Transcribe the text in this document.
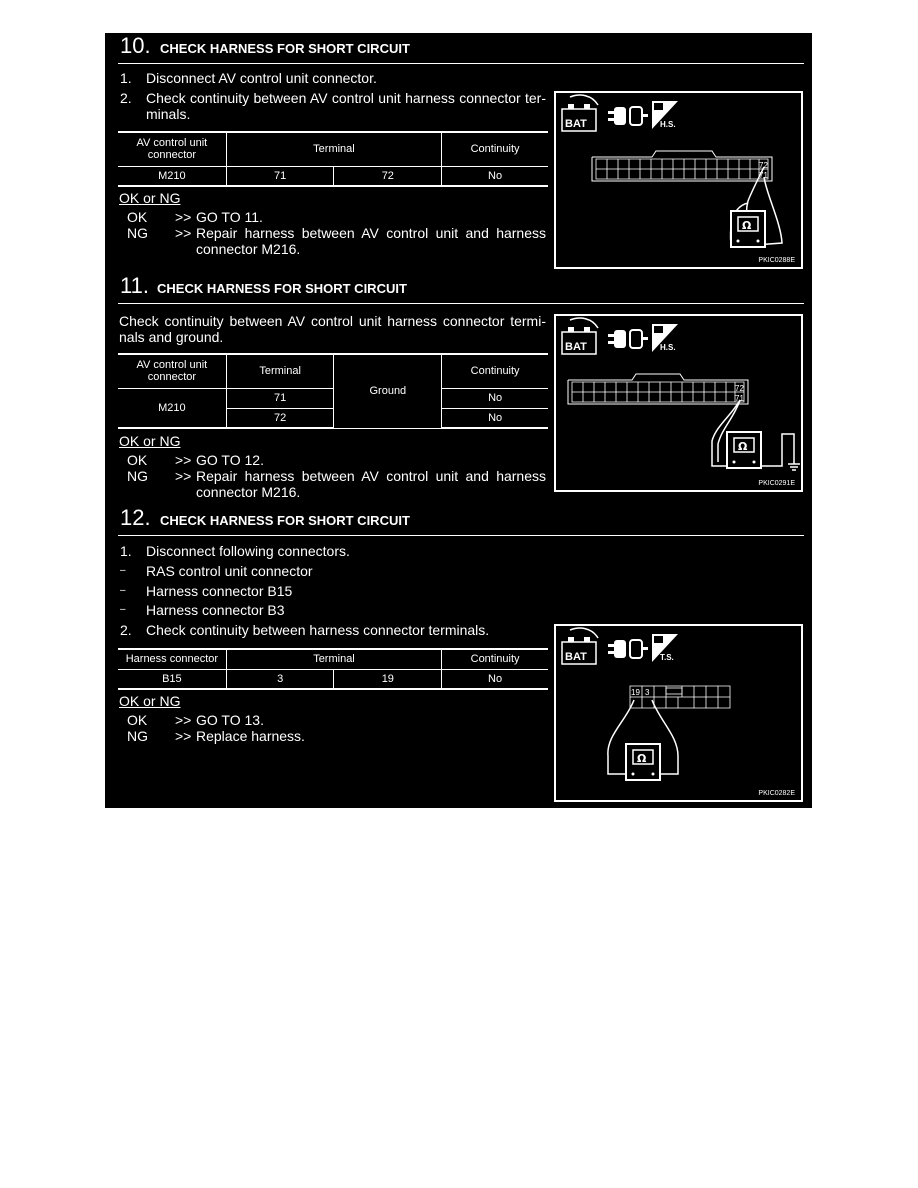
10. CHECK HARNESS FOR SHORT CIRCUIT
1. Disconnect AV control unit connector.
2. Check continuity between AV control unit harness connector ter-
minals.
AV control unit connector	Terminal		Continuity
M210	71	72	No
OK or NG
OK >> GO TO 11.
NG >> Repair harness between AV control unit and harness
connector M216.
BAT	H.S.
72
71
Ω
PKIC0288E
11. CHECK HARNESS FOR SHORT CIRCUIT
Check continuity between AV control unit harness connector termi-
nals and ground.
AV control unit connector	Terminal	Ground	Continuity
M210	71		No
	72		No
OK or NG
OK >> GO TO 12.
NG >> Repair harness between AV control unit and harness
connector M216.
BAT	H.S.
72
71
Ω
PKIC0291E
12. CHECK HARNESS FOR SHORT CIRCUIT
1. Disconnect following connectors.
– RAS control unit connector
– Harness connector B15
– Harness connector B3
2. Check continuity between harness connector terminals.
Harness connector	Terminal		Continuity
B15	3	19	No
OK or NG
OK >> GO TO 13.
NG >> Replace harness.
BAT	T.S.
19 3
Ω
PKIC0282E
